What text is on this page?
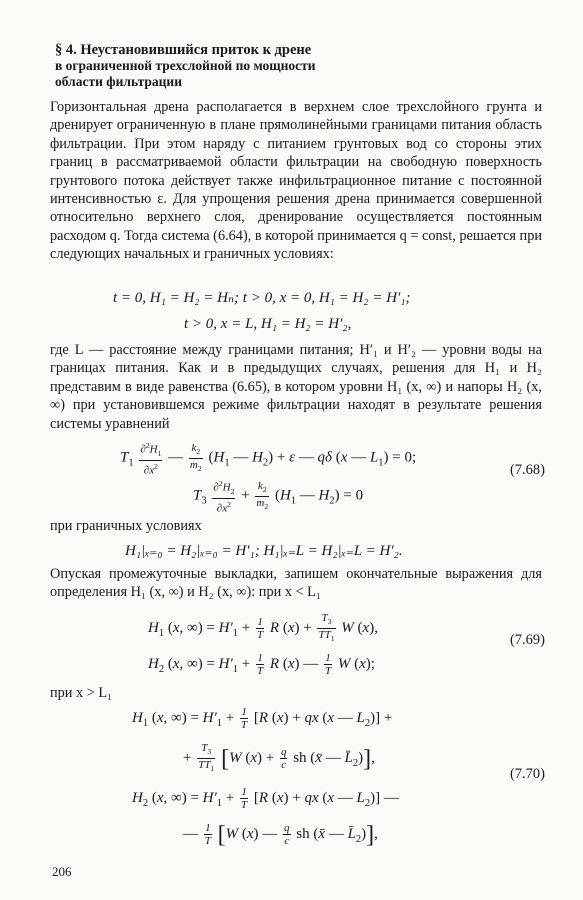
§ 4. Неустановившийся приток к дрене
в ограниченной трехслойной по мощности
области фильтрации

Горизонтальная дрена располагается в верхнем слое трехслойного грунта и дренирует ограниченную в плане прямолинейными границами питания область фильтрации. При этом наряду с питанием грунтовых вод со стороны этих границ в рассматриваемой области фильтрации на свободную поверхность грунтового потока действует также инфильтрационное питание с постоянной интенсивностью ε. Для упрощения решения дрена принимается совершенной относительно верхнего слоя, дренирование осуществляется постоянным расходом q. Тогда система (6.64), в которой принимается q = const, решается при следующих начальных и граничных условиях:

t = 0, H₁ = H₂ = Hₙ; t > 0, x = 0, H₁ = H₂ = H′₁;
t > 0, x = L, H₁ = H₂ = H′₂,

где L — расстояние между границами питания; H′₁ и H′₂ — уровни воды на границах питания. Как и в предыдущих случаях, решения для H₁ и H₂ представим в виде равенства (6.65), в котором уровни H₁ (x, ∞) и напоры H₂ (x, ∞) при установившемся режиме фильтрации находят в результате решения системы уравнений

$T_1 \frac{\partial^2H_1}{\partial x^2}$ — $\frac{k_2}{m_2} (H_1$ — $H_2) + \varepsilon$ — qδ (x — $L_1) = 0$;
$T_3 \frac{\partial^2H_2}{\partial x^2} + \frac{k_2}{m_2} (H_1$ — $H_2) = 0$
(7.68)

при граничных условиях

H₁|ₓ₌₀ = H₂|ₓ₌₀ = H′₁; H₁|ₓ₌L = H₂|ₓ₌L = H′₂.

Опуская промежуточные выкладки, запишем окончательные выражения для определения H₁ (x, ∞) и H₂ (x, ∞): при x < L₁

$H_1$ (x, ∞) = $H'_1 + \frac{1}{T}$ R $(x) + \frac{T_3}{TT_1}$ W (x),
$H_2$ (x, ∞) = $H'_1 + \frac{1}{T}$ R (x) — $\frac{1}{T}$ W (x);
(7.69)

при x > L₁

$H_1$ (x, ∞) = $H'_1 + \frac{1}{T} [R$ (x) + qx (x — $L_2$)] +
+ $\frac{T_3}{TT_1} [W$ $(x) + \frac{q}{c}$ sh (x̄ — $L̄_2$)],
$H_2$ (x, ∞) = $H'_1 + \frac{1}{T} [R$ (x) + qx (x — $L_2$)] —
— $\frac{1}{T} [W$ (x) — $\frac{q}{c}$ sh (x̄ — $L̄_2$)],
(7.70)
206
